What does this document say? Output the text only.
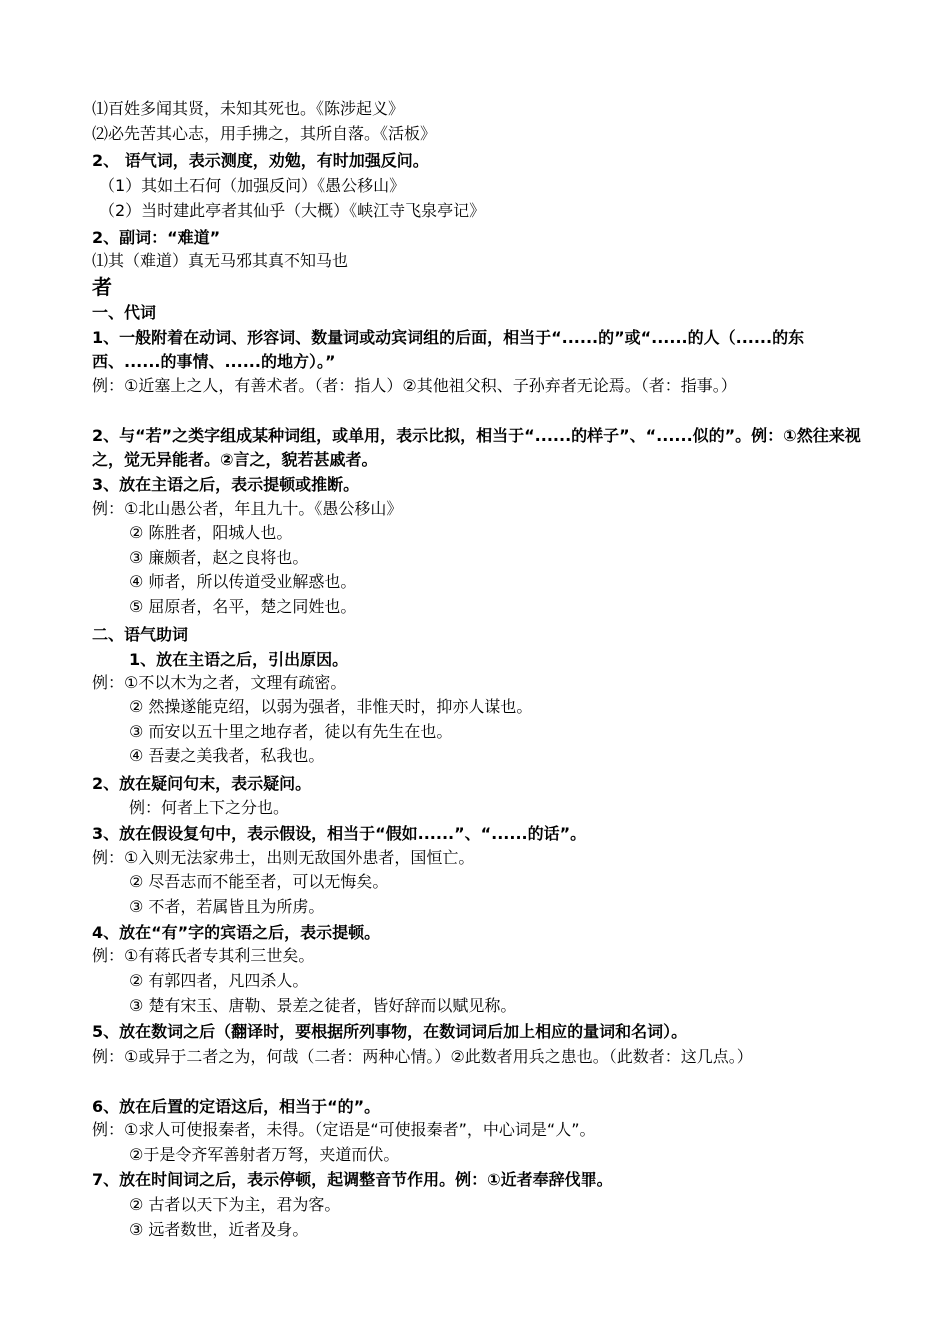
⑴百姓多闻其贤，未知其死也。《陈涉起义》
⑵必先苦其心志，用手拂之，其所自落。《活板》
2、 语气词，表示测度，劝勉，有时加强反问。
（1）其如土石何（加强反问）《愚公移山》
（2）当时建此亭者其仙乎（大概）《峡江寺飞泉亭记》
2、副词：“难道”
⑴其（难道）真无马邪其真不知马也
者
一、代词
1、一般附着在动词、形容词、数量词或动宾词组的后面，相当于“......的”或“......的人（......的东西、......的事情、......的地方）。”
例：①近塞上之人，有善术者。（者：指人）②其他祖父积、子孙弃者无论焉。（者：指事。）
2、与“若”之类字组成某种词组，或单用，表示比拟，相当于“......的样子”、“......似的”。例：①然往来视之，觉无异能者。②言之，貌若甚戚者。
3、放在主语之后，表示提顿或推断。
例：①北山愚公者，年且九十。《愚公移山》
② 陈胜者，阳城人也。
③ 廉颇者，赵之良将也。
④ 师者，所以传道受业解惑也。
⑤ 屈原者，名平，楚之同姓也。
二、语气助词
1、放在主语之后，引出原因。
例：①不以木为之者，文理有疏密。
② 然操遂能克绍，以弱为强者，非惟天时，抑亦人谋也。
③ 而安以五十里之地存者，徒以有先生在也。
④ 吾妻之美我者，私我也。
2、放在疑问句末，表示疑问。
例：何者上下之分也。
3、放在假设复句中，表示假设，相当于“假如......”、“......的话”。
例：①入则无法家弗士，出则无敌国外患者，国恒亡。
② 尽吾志而不能至者，可以无悔矣。
③ 不者，若属皆且为所虏。
4、放在“有”字的宾语之后，表示提顿。
例：①有蒋氏者专其利三世矣。
② 有郭四者，凡四杀人。
③ 楚有宋玉、唐勒、景差之徒者，皆好辞而以赋见称。
5、放在数词之后（翻译时，要根据所列事物，在数词词后加上相应的量词和名词）。
例：①或异于二者之为，何哉（二者：两种心情。）②此数者用兵之患也。（此数者：这几点。）
6、放在后置的定语这后，相当于“的”。
例：①求人可使报秦者，未得。（定语是“可使报秦者”，中心词是“人”。
②于是令齐军善射者万弩，夹道而伏。
7、放在时间词之后，表示停顿，起调整音节作用。例：①近者奉辞伐罪。
② 古者以天下为主，君为客。
③ 远者数世，近者及身。
